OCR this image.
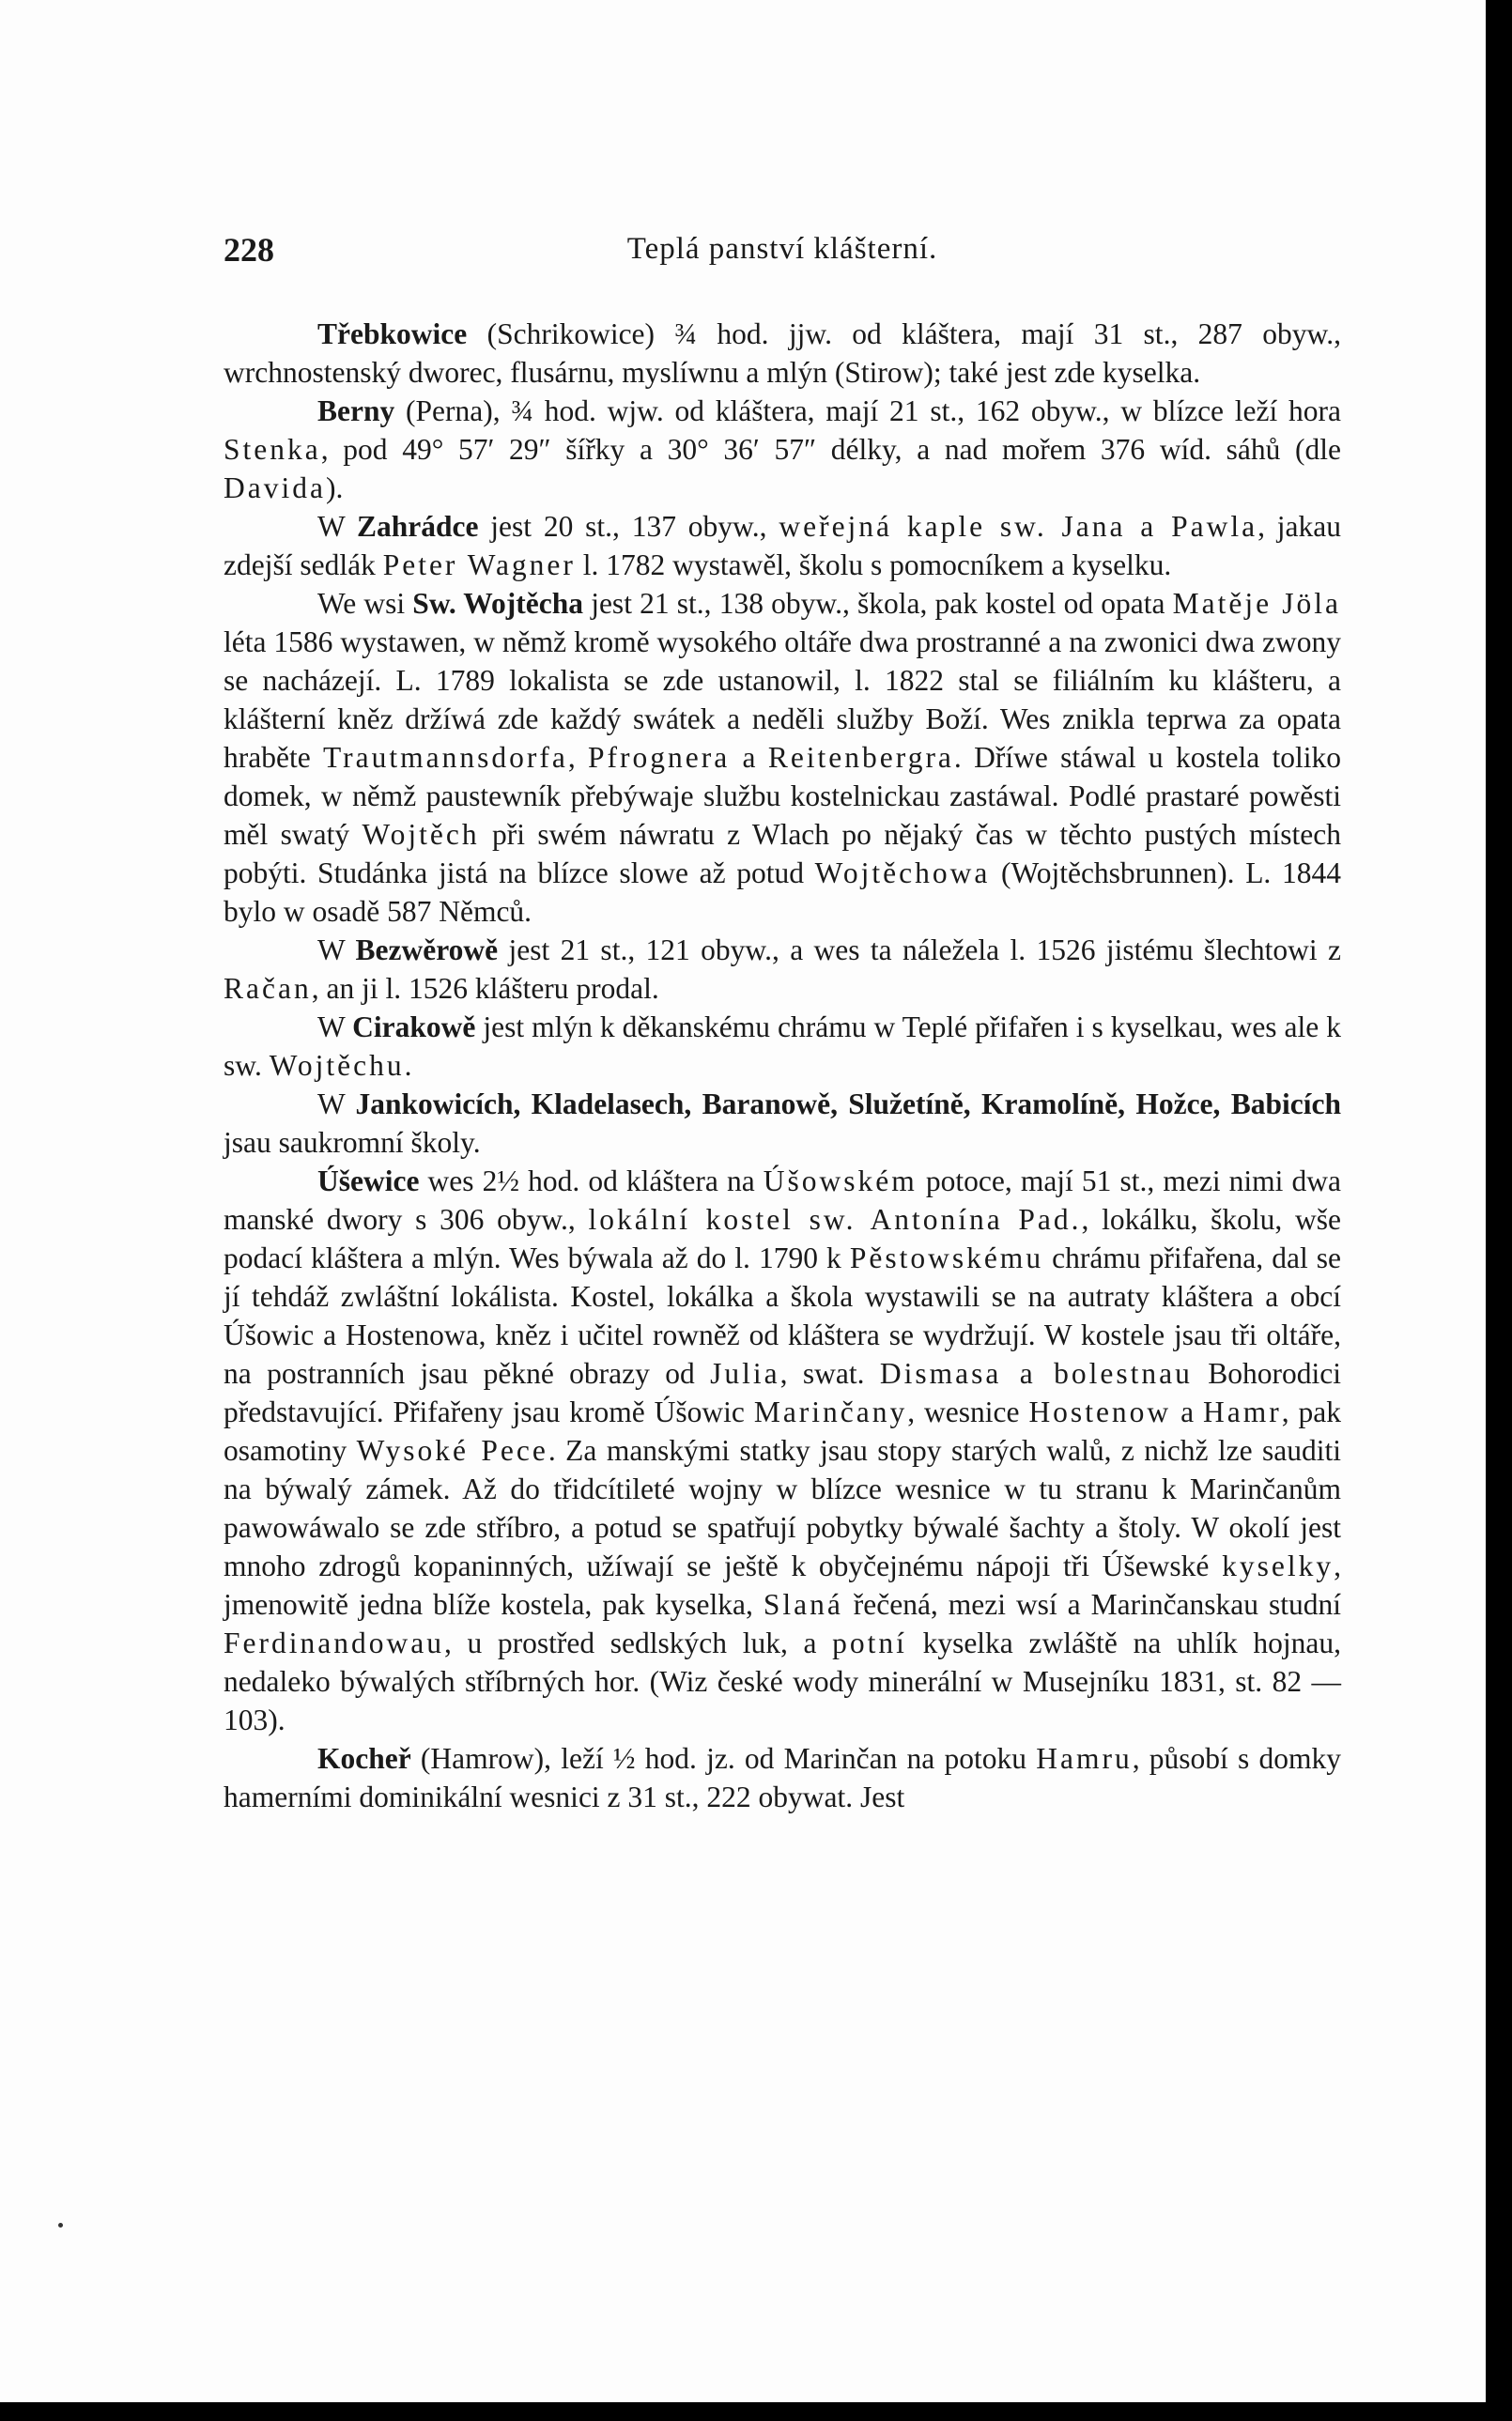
228	Teplá panství klášterní.

Třebkowice (Schrikowice) ¾ hod. jjw. od kláštera, mají 31 st., 287 obyw., wrchnostenský dworec, flusárnu, myslíwnu a mlýn (Stirow); také jest zde kyselka.

Berny (Perna), ¾ hod. wjw. od kláštera, mají 21 st., 162 obyw., w blízce leží hora Stenka, pod 49° 57′ 29″ šířky a 30° 36′ 57″ délky, a nad mořem 376 wíd. sáhů (dle Davida).

W Zahrádce jest 20 st., 137 obyw., weřejná kaple sw. Jana a Pawla, jakau zdejší sedlák Peter Wagner l. 1782 wystawěl, školu s pomocníkem a kyselku.

We wsi Sw. Wojtěcha jest 21 st., 138 obyw., škola, pak kostel od opata Matěje Jöla léta 1586 wystawen, w němž kromě wysokého oltáře dwa prostranné a na zwonici dwa zwony se nacházejí. L. 1789 lokalista se zde ustanowil, l. 1822 stal se filiálním ku klášteru, a klášterní kněz držíwá zde každý swátek a neděli služby Boží. Wes znikla teprwa za opata hraběte Trautmannsdorfa, Pfrognera a Reitenbergra. Dříwe stáwal u kostela toliko domek, w němž paustewník přebýwaje službu kostelnickau zastáwal. Podlé prastaré powěsti měl swatý Wojtěch při swém náwratu z Wlach po nějaký čas w těchto pustých místech pobýti. Studánka jistá na blízce slowe až potud Wojtěchowa (Wojtěchsbrunnen). L. 1844 bylo w osadě 587 Němců.

W Bezwěrowě jest 21 st., 121 obyw., a wes ta náležela l. 1526 jistému šlechtowi z Račan, an ji l. 1526 klášteru prodal.

W Cirakowě jest mlýn k děkanskému chrámu w Teplé přifařen i s kyselkau, wes ale k sw. Wojtěchu.

W Jankowicích, Kladelasech, Baranowě, Služetíně, Kramolíně, Hožce, Babicích jsau saukromní školy.

Úšewice wes 2½ hod. od kláštera na Úšowském potoce, mají 51 st., mezi nimi dwa manské dwory s 306 obyw., lokální kostel sw. Antonína Pad., lokálku, školu, wše podací kláštera a mlýn. Wes býwala až do l. 1790 k Pěstowskému chrámu přifařena, dal se jí tehdáž zwláštní lokálista. Kostel, lokálka a škola wystawili se na autraty kláštera a obcí Úšowic a Hostenowa, kněz i učitel rowněž od kláštera se wydržují. W kostele jsau tři oltáře, na postranních jsau pěkné obrazy od Julia, swat. Dismasa a bolestnau Bohorodici představující. Přifařeny jsau kromě Úšowic Marinčany, wesnice Hostenow a Hamr, pak osamotiny Wysoké Pece. Za manskými statky jsau stopy starých walů, z nichž lze sauditi na býwalý zámek. Až do třidcítileté wojny w blízce wesnice w tu stranu k Marinčanům pawowáwalo se zde stříbro, a potud se spatřují pobytky býwalé šachty a štoly. W okolí jest mnoho zdrogů kopaninných, užíwají se ještě k obyčejnému nápoji tři Úšewské kyselky, jmenowitě jedna blíže kostela, pak kyselka, Slaná řečená, mezi wsí a Marinčanskau studní Ferdinandowau, u prostřed sedlských luk, a potní kyselka zwláště na uhlík hojnau, nedaleko býwalých stříbrných hor. (Wiz české wody minerální w Musejníku 1831, st. 82 — 103).

Kocheř (Hamrow), leží ½ hod. jz. od Marinčan na potoku Hamru, působí s domky hamerními dominikální wesnici z 31 st., 222 obywat. Jest
